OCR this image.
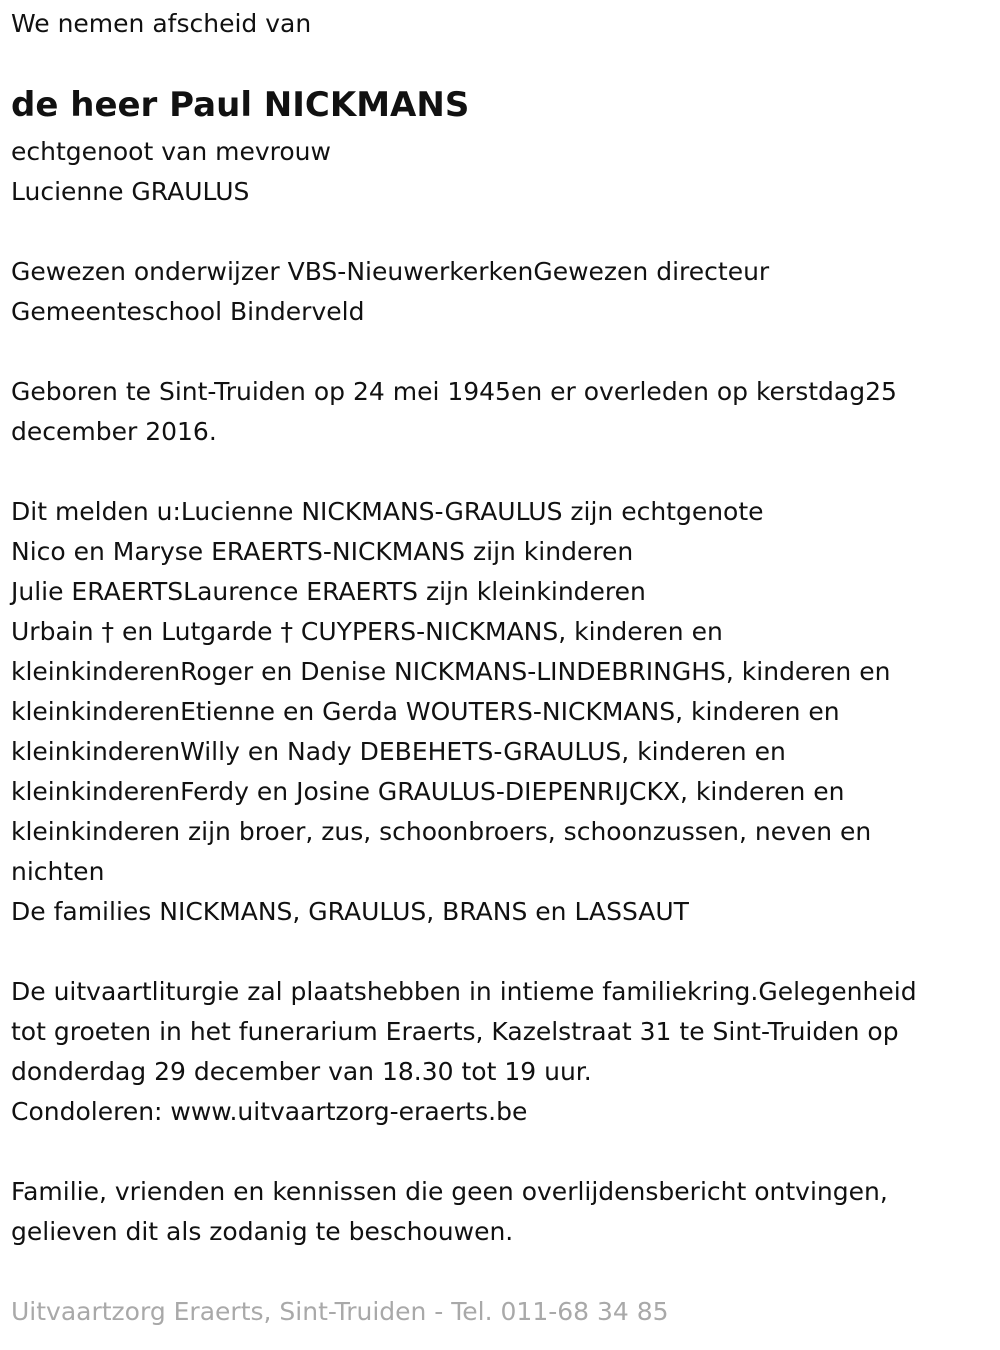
We nemen afscheid van
de heer Paul NICKMANS
echtgenoot van mevrouw
Lucienne GRAULUS
Gewezen onderwijzer VBS-NieuwerkerkenGewezen directeur
Gemeenteschool Binderveld
Geboren te Sint-Truiden op 24 mei 1945en er overleden op kerstdag25
december 2016.
Dit melden u:Lucienne NICKMANS-GRAULUS zijn echtgenote
Nico en Maryse ERAERTS-NICKMANS zijn kinderen
Julie ERAERTSLaurence ERAERTS zijn kleinkinderen
Urbain † en Lutgarde † CUYPERS-NICKMANS, kinderen en
kleinkinderenRoger en Denise NICKMANS-LINDEBRINGHS, kinderen en
kleinkinderenEtienne en Gerda WOUTERS-NICKMANS, kinderen en
kleinkinderenWilly en Nady DEBEHETS-GRAULUS, kinderen en
kleinkinderenFerdy en Josine GRAULUS-DIEPENRIJCKX, kinderen en
kleinkinderen zijn broer, zus, schoonbroers, schoonzussen, neven en
nichten
De families NICKMANS, GRAULUS, BRANS en LASSAUT
De uitvaartliturgie zal plaatshebben in intieme familiekring.Gelegenheid
tot groeten in het funerarium Eraerts, Kazelstraat 31 te Sint-Truiden op
donderdag 29 december van 18.30 tot 19 uur.
Condoleren: www.uitvaartzorg-eraerts.be
Familie, vrienden en kennissen die geen overlijdensbericht ontvingen,
gelieven dit als zodanig te beschouwen.
Uitvaartzorg Eraerts, Sint-Truiden - Tel. 011-68 34 85
